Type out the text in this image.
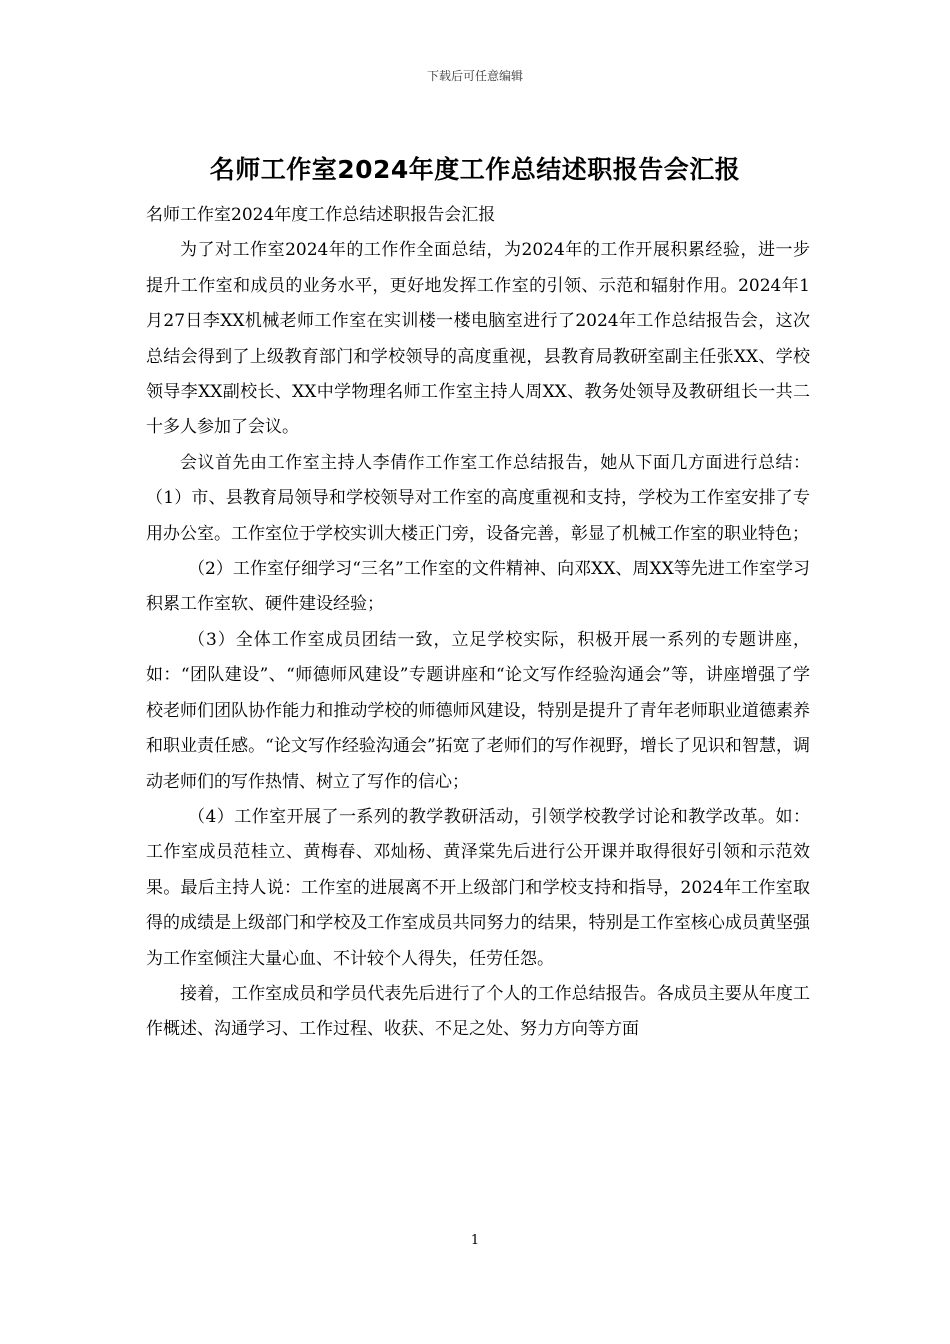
下载后可任意编辑
名师工作室2024年度工作总结述职报告会汇报

名师工作室2024年度工作总结述职报告会汇报

为了对工作室2024年的工作作全面总结，为2024年的工作开展积累经验，进一步提升工作室和成员的业务水平，更好地发挥工作室的引领、示范和辐射作用。2024年1月27日李XX机械老师工作室在实训楼一楼电脑室进行了2024年工作总结报告会，这次总结会得到了上级教育部门和学校领导的高度重视，县教育局教研室副主任张XX、学校领导李XX副校长、XX中学物理名师工作室主持人周XX、教务处领导及教研组长一共二十多人参加了会议。

会议首先由工作室主持人李倩作工作室工作总结报告，她从下面几方面进行总结：（1）市、县教育局领导和学校领导对工作室的高度重视和支持，学校为工作室安排了专用办公室。工作室位于学校实训大楼正门旁，设备完善，彰显了机械工作室的职业特色；

（2）工作室仔细学习“三名”工作室的文件精神、向邓XX、周XX等先进工作室学习积累工作室软、硬件建设经验；

（3）全体工作室成员团结一致，立足学校实际，积极开展一系列的专题讲座，如：“团队建设”、“师德师风建设”专题讲座和“论文写作经验沟通会”等，讲座增强了学校老师们团队协作能力和推动学校的师德师风建设，特别是提升了青年老师职业道德素养和职业责任感。“论文写作经验沟通会”拓宽了老师们的写作视野，增长了见识和智慧，调动老师们的写作热情、树立了写作的信心；

（4）工作室开展了一系列的教学教研活动，引领学校教学讨论和教学改革。如：工作室成员范桂立、黄梅春、邓灿杨、黄泽棠先后进行公开课并取得很好引领和示范效果。最后主持人说：工作室的进展离不开上级部门和学校支持和指导，2024年工作室取得的成绩是上级部门和学校及工作室成员共同努力的结果，特别是工作室核心成员黄坚强为工作室倾注大量心血、不计较个人得失，任劳任怨。

接着，工作室成员和学员代表先后进行了个人的工作总结报告。各成员主要从年度工作概述、沟通学习、工作过程、收获、不足之处、努力方向等方面

1
